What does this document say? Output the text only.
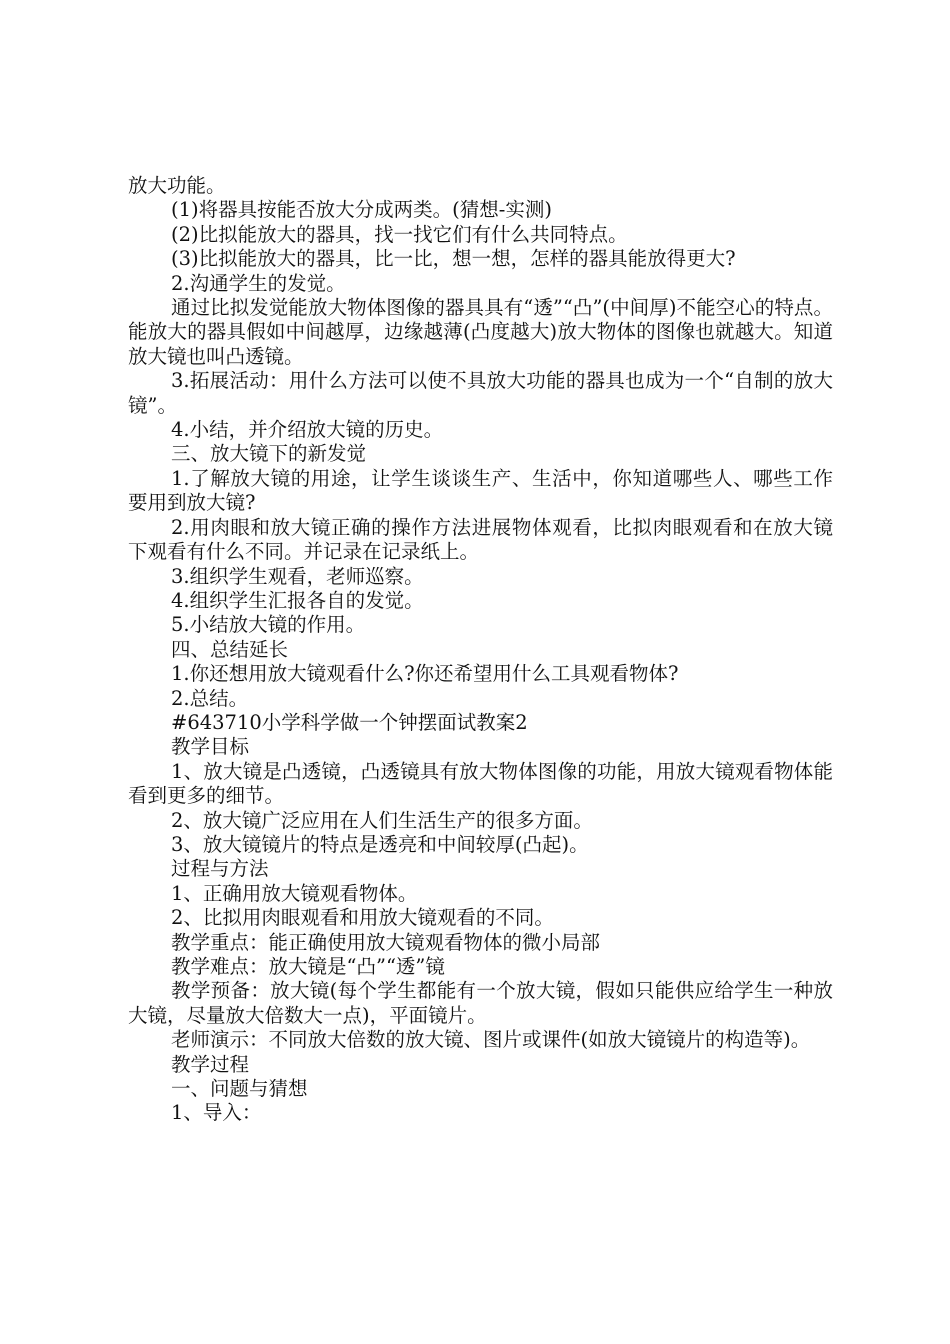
放大功能。

(1)将器具按能否放大分成两类。(猜想-实测)

(2)比拟能放大的器具，找一找它们有什么共同特点。

(3)比拟能放大的器具，比一比，想一想，怎样的器具能放得更大?

2.沟通学生的发觉。

通过比拟发觉能放大物体图像的器具具有“透”“凸”(中间厚)不能空心的特点。能放大的器具假如中间越厚，边缘越薄(凸度越大)放大物体的图像也就越大。知道放大镜也叫凸透镜。

3.拓展活动：用什么方法可以使不具放大功能的器具也成为一个“自制的放大镜”。

4.小结，并介绍放大镜的历史。

三、放大镜下的新发觉

1.了解放大镜的用途，让学生谈谈生产、生活中，你知道哪些人、哪些工作要用到放大镜?

2.用肉眼和放大镜正确的操作方法进展物体观看，比拟肉眼观看和在放大镜下观看有什么不同。并记录在记录纸上。

3.组织学生观看，老师巡察。

4.组织学生汇报各自的发觉。

5.小结放大镜的作用。

四、总结延长

1.你还想用放大镜观看什么?你还希望用什么工具观看物体?

2.总结。

#643710小学科学做一个钟摆面试教案2

教学目标

1、放大镜是凸透镜，凸透镜具有放大物体图像的功能，用放大镜观看物体能看到更多的细节。

2、放大镜广泛应用在人们生活生产的很多方面。

3、放大镜镜片的特点是透亮和中间较厚(凸起)。

过程与方法

1、正确用放大镜观看物体。

2、比拟用肉眼观看和用放大镜观看的不同。

教学重点：能正确使用放大镜观看物体的微小局部

教学难点：放大镜是“凸”“透”镜

教学预备：放大镜(每个学生都能有一个放大镜，假如只能供应给学生一种放大镜，尽量放大倍数大一点)，平面镜片。

老师演示：不同放大倍数的放大镜、图片或课件(如放大镜镜片的构造等)。

教学过程

一、问题与猜想

1、导入：
